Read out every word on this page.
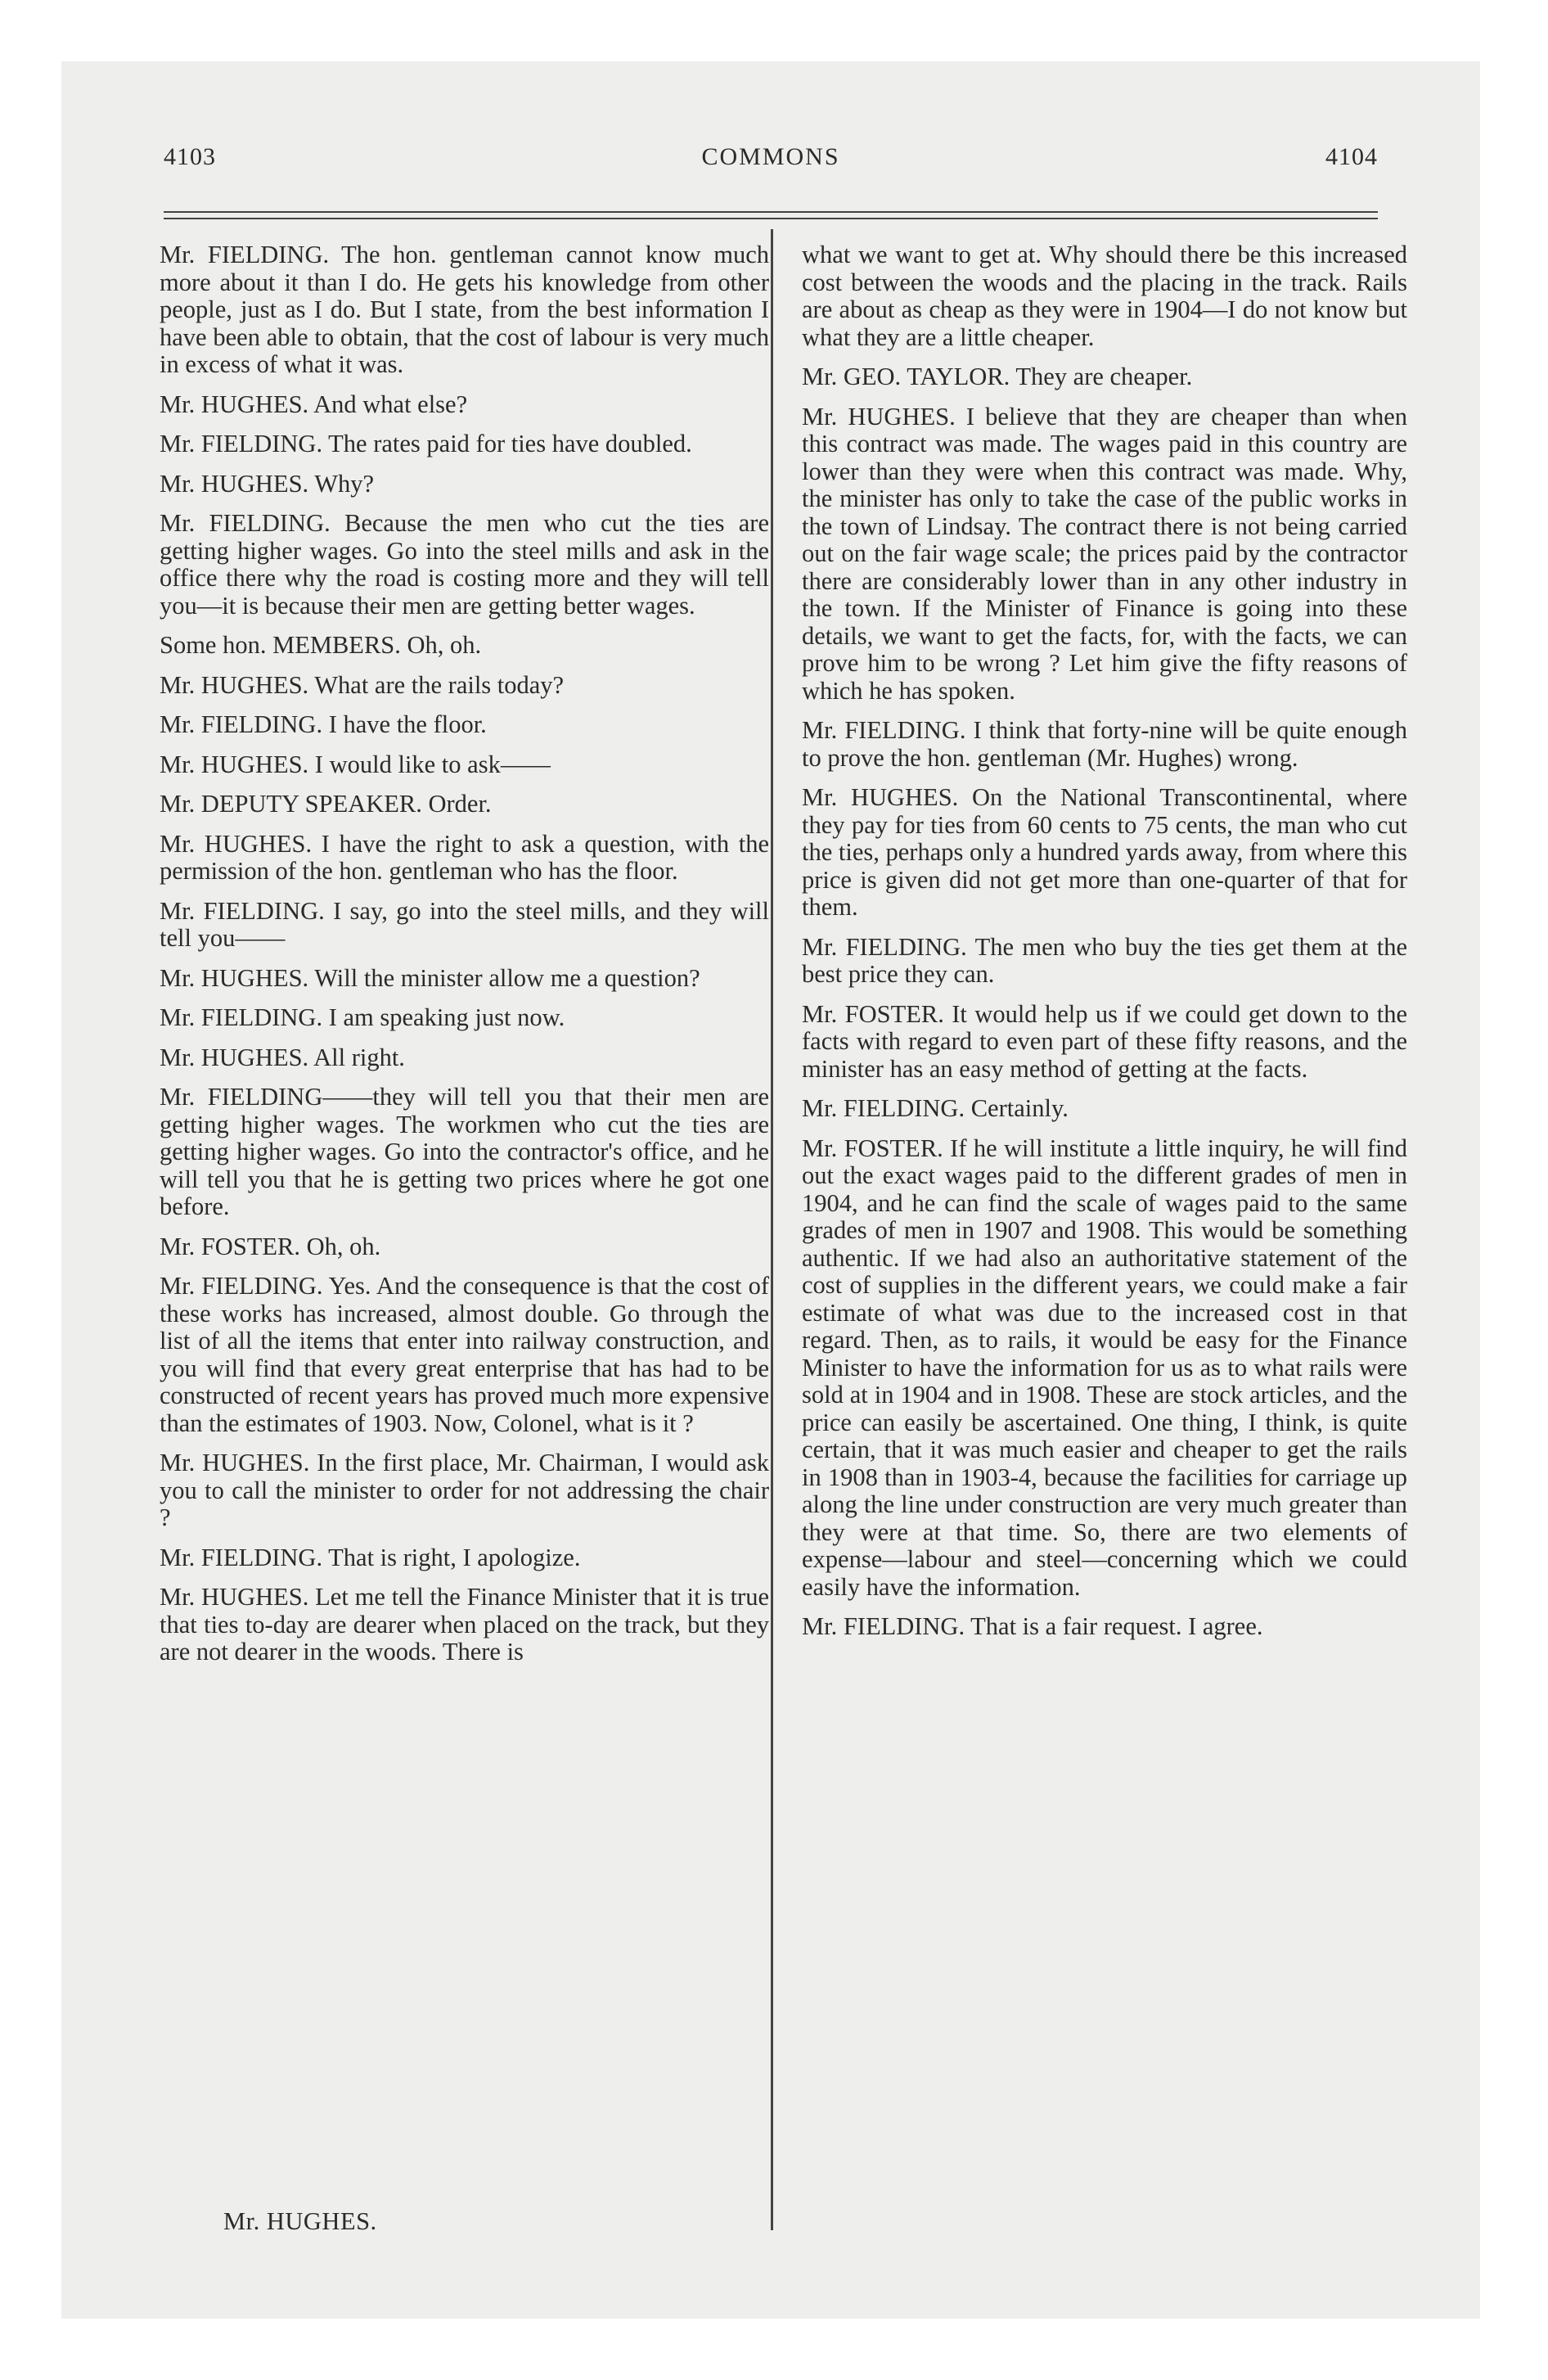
4103	COMMONS	4104

Mr. FIELDING. The hon. gentleman cannot know much more about it than I do. He gets his knowledge from other people, just as I do. But I state, from the best information I have been able to obtain, that the cost of labour is very much in excess of what it was.

Mr. HUGHES. And what else?

Mr. FIELDING. The rates paid for ties have doubled.

Mr. HUGHES. Why?

Mr. FIELDING. Because the men who cut the ties are getting higher wages. Go into the steel mills and ask in the office there why the road is costing more and they will tell you—it is because their men are getting better wages.

Some hon. MEMBERS. Oh, oh.

Mr. HUGHES. What are the rails today?

Mr. FIELDING. I have the floor.

Mr. HUGHES. I would like to ask——

Mr. DEPUTY SPEAKER. Order.

Mr. HUGHES. I have the right to ask a question, with the permission of the hon. gentleman who has the floor.

Mr. FIELDING. I say, go into the steel mills, and they will tell you——

Mr. HUGHES. Will the minister allow me a question?

Mr. FIELDING. I am speaking just now.

Mr. HUGHES. All right.

Mr. FIELDING——they will tell you that their men are getting higher wages. The workmen who cut the ties are getting higher wages. Go into the contractor's office, and he will tell you that he is getting two prices where he got one before.

Mr. FOSTER. Oh, oh.

Mr. FIELDING. Yes. And the consequence is that the cost of these works has increased, almost double. Go through the list of all the items that enter into railway construction, and you will find that every great enterprise that has had to be constructed of recent years has proved much more expensive than the estimates of 1903. Now, Colonel, what is it ?

Mr. HUGHES. In the first place, Mr. Chairman, I would ask you to call the minister to order for not addressing the chair ?

Mr. FIELDING. That is right, I apologize.

Mr. HUGHES. Let me tell the Finance Minister that it is true that ties to-day are dearer when placed on the track, but they are not dearer in the woods. There is

what we want to get at. Why should there be this increased cost between the woods and the placing in the track. Rails are about as cheap as they were in 1904—I do not know but what they are a little cheaper.

Mr. GEO. TAYLOR. They are cheaper.

Mr. HUGHES. I believe that they are cheaper than when this contract was made. The wages paid in this country are lower than they were when this contract was made. Why, the minister has only to take the case of the public works in the town of Lindsay. The contract there is not being carried out on the fair wage scale; the prices paid by the contractor there are considerably lower than in any other industry in the town. If the Minister of Finance is going into these details, we want to get the facts, for, with the facts, we can prove him to be wrong ? Let him give the fifty reasons of which he has spoken.

Mr. FIELDING. I think that forty-nine will be quite enough to prove the hon. gentleman (Mr. Hughes) wrong.

Mr. HUGHES. On the National Transcontinental, where they pay for ties from 60 cents to 75 cents, the man who cut the ties, perhaps only a hundred yards away, from where this price is given did not get more than one-quarter of that for them.

Mr. FIELDING. The men who buy the ties get them at the best price they can.

Mr. FOSTER. It would help us if we could get down to the facts with regard to even part of these fifty reasons, and the minister has an easy method of getting at the facts.

Mr. FIELDING. Certainly.

Mr. FOSTER. If he will institute a little inquiry, he will find out the exact wages paid to the different grades of men in 1904, and he can find the scale of wages paid to the same grades of men in 1907 and 1908. This would be something authentic. If we had also an authoritative statement of the cost of supplies in the different years, we could make a fair estimate of what was due to the increased cost in that regard. Then, as to rails, it would be easy for the Finance Minister to have the information for us as to what rails were sold at in 1904 and in 1908. These are stock articles, and the price can easily be ascertained. One thing, I think, is quite certain, that it was much easier and cheaper to get the rails in 1908 than in 1903-4, because the facilities for carriage up along the line under construction are very much greater than they were at that time. So, there are two elements of expense—labour and steel—concerning which we could easily have the information.

Mr. FIELDING. That is a fair request. I agree.

Mr. HUGHES.
